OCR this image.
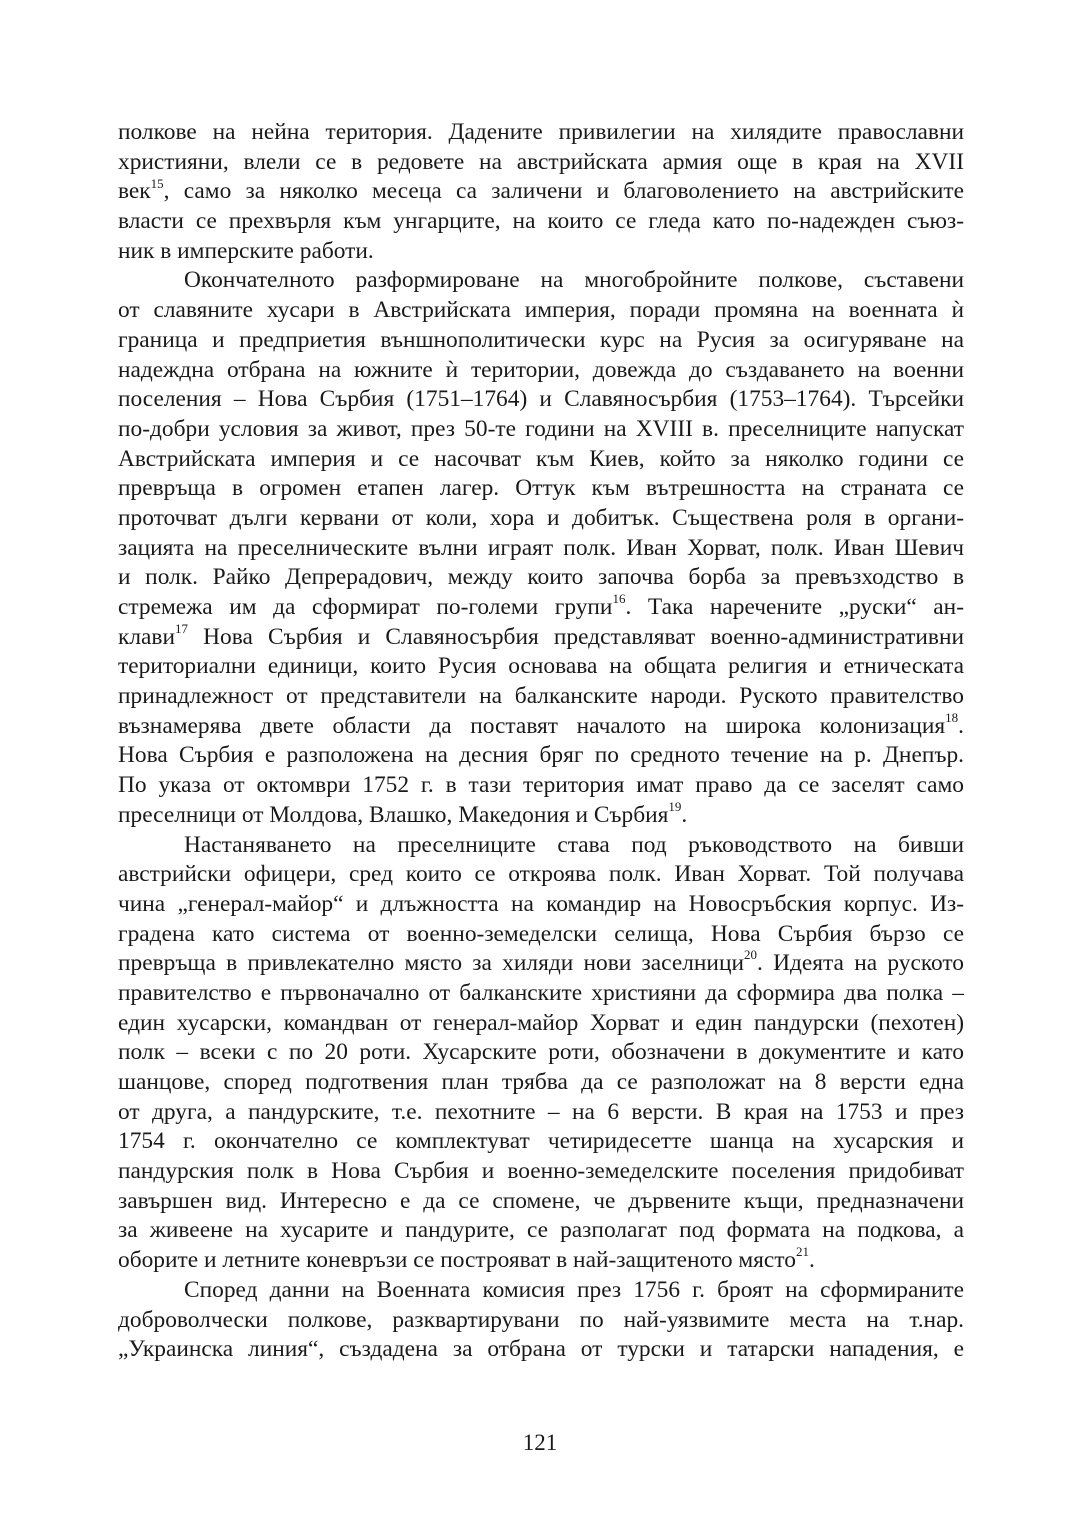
полкове на нейна територия. Дадените привилегии на хилядите православни
християни, влели се в редовете на австрийската армия още в края на XVII
век$^{15}$, само за няколко месеца са заличени и благоволението на австрийските
власти се прехвърля към унгарците, на които се гледа като по-надежден съюз-
ник в имперските работи.
Окончателното разформироване на многобройните полкове, съставени
от славяните хусари в Австрийската империя, поради промяна на военната ѝ
граница и предприетия външнополитически курс на Русия за осигуряване на
надеждна отбрана на южните ѝ територии, довежда до създаването на военни
поселения – Нова Сърбия (1751–1764) и Славяносърбия (1753–1764). Търсейки
по-добри условия за живот, през 50-те години на XVIII в. преселниците напускат
Австрийската империя и се насочват към Киев, който за няколко години се
превръща в огромен етапен лагер. Оттук към вътрешността на страната се
проточват дълги кервани от коли, хора и добитък. Съществена роля в органи-
зацията на преселническите вълни играят полк. Иван Хорват, полк. Иван Шевич
и полк. Райко Депрерадович, между които започва борба за превъзходство в
стремежа им да сформират по-големи групи$^{16}$. Така наречените „руски“ ан-
клави$^{17}$ Нова Сърбия и Славяносърбия представляват военно-административни
териториални единици, които Русия основава на общата религия и етническата
принадлежност от представители на балканските народи. Руското правителство
възнамерява двете области да поставят началото на широка колонизация$^{18}$.
Нова Сърбия е разположена на десния бряг по средното течение на р. Днепър.
По указа от октомври 1752 г. в тази територия имат право да се заселят само
преселници от Молдова, Влашко, Македония и Сърбия$^{19}$.
Настаняването на преселниците става под ръководството на бивши
австрийски офицери, сред които се откроява полк. Иван Хорват. Той получава
чина „генерал-майор“ и длъжността на командир на Новосръбския корпус. Из-
градена като система от военно-земеделски селища, Нова Сърбия бързо се
превръща в привлекателно място за хиляди нови заселници$^{20}$. Идеята на руското
правителство е първоначално от балканските християни да сформира два полка –
един хусарски, командван от генерал-майор Хорват и един пандурски (пехотен)
полк – всеки с по 20 роти. Хусарските роти, обозначени в документите и като
шанцове, според подготвения план трябва да се разположат на 8 версти една
от друга, а пандурските, т.е. пехотните – на 6 версти. В края на 1753 и през
1754 г. окончателно се комплектуват четиридесетте шанца на хусарския и
пандурския полк в Нова Сърбия и военно-земеделските поселения придобиват
завършен вид. Интересно е да се спомене, че дървените къщи, предназначени
за живеене на хусарите и пандурите, се разполагат под формата на подкова, а
оборите и летните коневръзи се построяват в най-защитеното място$^{21}$.
Според данни на Военната комисия през 1756 г. броят на сформираните
доброволчески полкове, разквартирувани по най-уязвимите места на т.нар.
„Украинска линия“, създадена за отбрана от турски и татарски нападения, е
121
